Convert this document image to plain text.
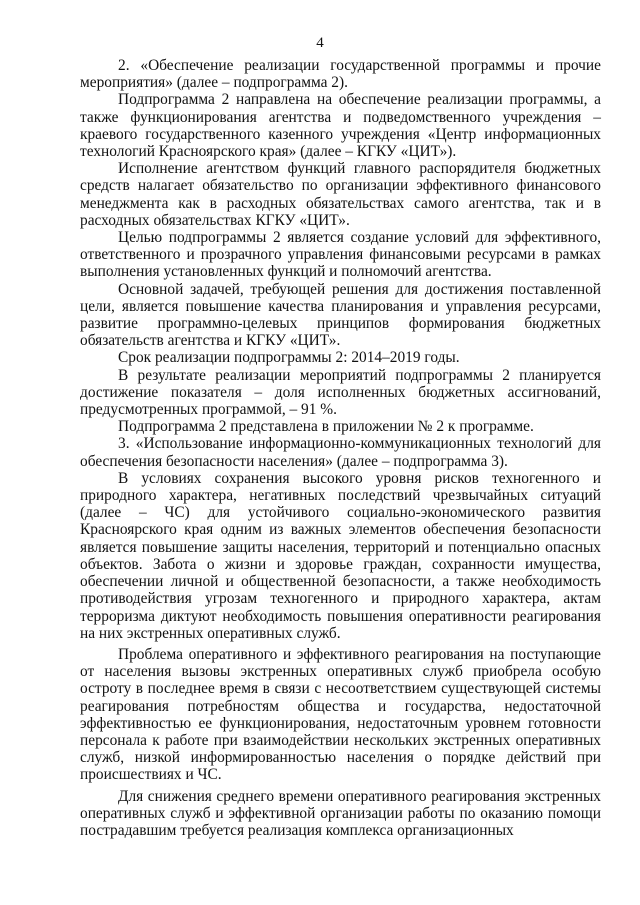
4

2. «Обеспечение реализации государственной программы и прочие мероприятия» (далее – подпрограмма 2).

Подпрограмма 2 направлена на обеспечение реализации программы, а также функционирования агентства и подведомственного учреждения – краевого государственного казенного учреждения «Центр информационных технологий Красноярского края» (далее – КГКУ «ЦИТ»).

Исполнение агентством функций главного распорядителя бюджетных средств налагает обязательство по организации эффективного финансового менеджмента как в расходных обязательствах самого агентства, так и в расходных обязательствах КГКУ «ЦИТ».

Целью подпрограммы 2 является создание условий для эффективного, ответственного и прозрачного управления финансовыми ресурсами в рамках выполнения установленных функций и полномочий агентства.

Основной задачей, требующей решения для достижения поставленной цели, является повышение качества планирования и управления ресурсами, развитие программно-целевых принципов формирования бюджетных обязательств агентства и КГКУ «ЦИТ».

Срок реализации подпрограммы 2: 2014–2019 годы.

В результате реализации мероприятий подпрограммы 2 планируется достижение показателя – доля исполненных бюджетных ассигнований, предусмотренных программой, – 91 %.

Подпрограмма 2 представлена в приложении № 2 к программе.

3. «Использование информационно-коммуникационных технологий для обеспечения безопасности населения» (далее – подпрограмма 3).

В условиях сохранения высокого уровня рисков техногенного и природного характера, негативных последствий чрезвычайных ситуаций (далее – ЧС) для устойчивого социально-экономического развития Красноярского края одним из важных элементов обеспечения безопасности является повышение защиты населения, территорий и потенциально опасных объектов. Забота о жизни и здоровье граждан, сохранности имущества, обеспечении личной и общественной безопасности, а также необходимость противодействия угрозам техногенного и природного характера, актам терроризма диктуют необходимость повышения оперативности реагирования на них экстренных оперативных служб.

Проблема оперативного и эффективного реагирования на поступающие от населения вызовы экстренных оперативных служб приобрела особую остроту в последнее время в связи с несоответствием существующей системы реагирования потребностям общества и государства, недостаточной эффективностью ее функционирования, недостаточным уровнем готовности персонала к работе при взаимодействии нескольких экстренных оперативных служб, низкой информированностью населения о порядке действий при происшествиях и ЧС.

Для снижения среднего времени оперативного реагирования экстренных оперативных служб и эффективной организации работы по оказанию помощи пострадавшим требуется реализация комплекса организационных
